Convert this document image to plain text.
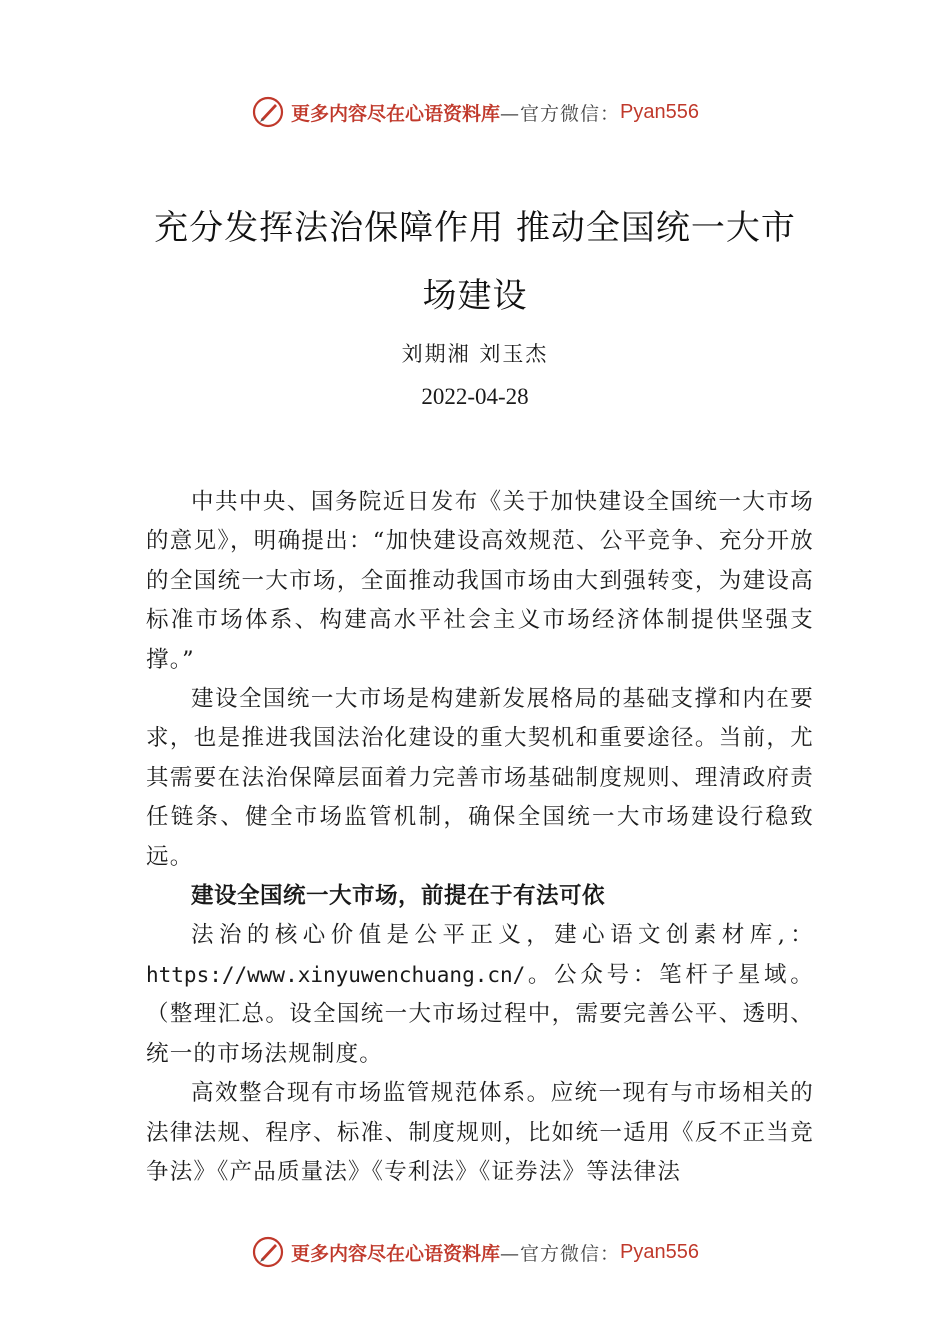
更多内容尽在心语资料库 —官方微信： Pyan556
充分发挥法治保障作用 推动全国统一大市
场建设
刘期湘 刘玉杰
2022-04-28

中共中央、国务院近日发布《关于加快建设全国统一大市场的意见》，明确提出：“加快建设高效规范、公平竞争、充分开放的全国统一大市场，全面推动我国市场由大到强转变，为建设高标准市场体系、构建高水平社会主义市场经济体制提供坚强支撑。”

建设全国统一大市场是构建新发展格局的基础支撑和内在要求，也是推进我国法治化建设的重大契机和重要途径。当前，尤其需要在法治保障层面着力完善市场基础制度规则、理清政府责任链条、健全市场监管机制，确保全国统一大市场建设行稳致远。

建设全国统一大市场，前提在于有法可依

法治的核心价值是公平正义，建心语文创素材库,：https://www.xinyuwenchuang.cn/。公众号：笔杆子星域。（整理汇总。设全国统一大市场过程中，需要完善公平、透明、统一的市场法规制度。

高效整合现有市场监管规范体系。应统一现有与市场相关的法律法规、程序、标准、制度规则，比如统一适用《反不正当竞争法》《产品质量法》《专利法》《证券法》等法律法

更多内容尽在心语资料库 —官方微信： Pyan556
